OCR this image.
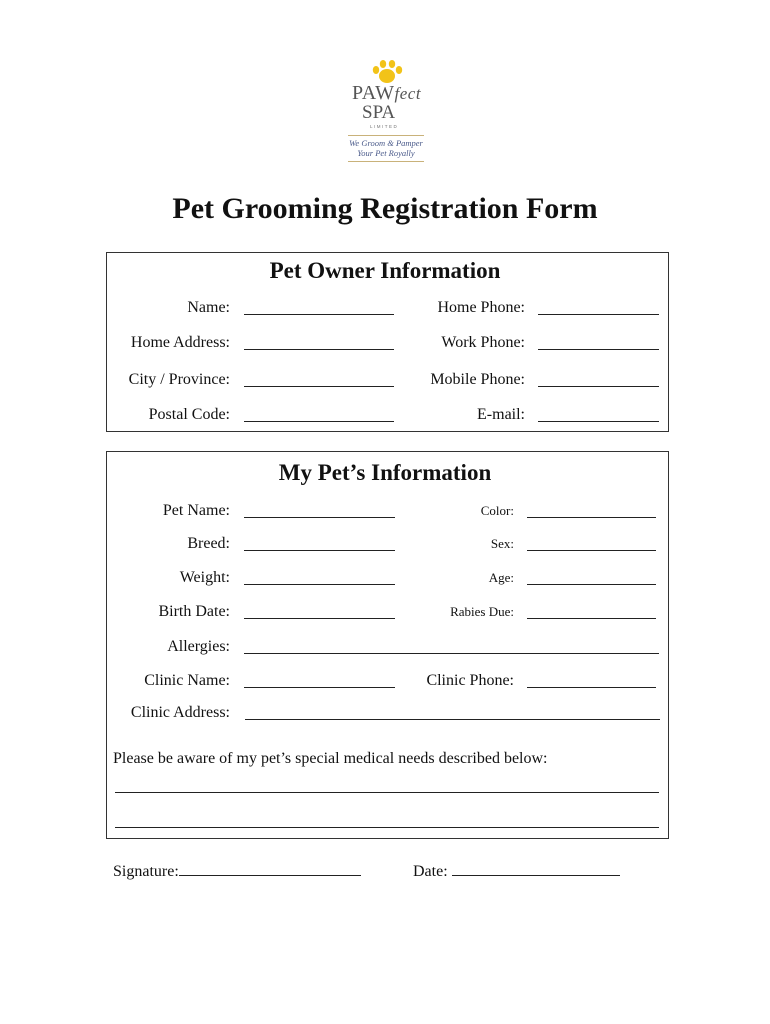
PAWfect
SPA
LIMITED
We Groom & Pamper
Your Pet Royally
Pet Grooming Registration Form
Pet Owner Information
Name:	Home Phone:
Home Address:	Work Phone:
City / Province:	Mobile Phone:
Postal Code:	E-mail:
My Pet’s Information
Pet Name:	Color:
Breed:	Sex:
Weight:	Age:
Birth Date:	Rabies Due:
Allergies:
Clinic Name:	Clinic Phone:
Clinic Address:
Please be aware of my pet’s special medical needs described below:
Signature:	Date:
